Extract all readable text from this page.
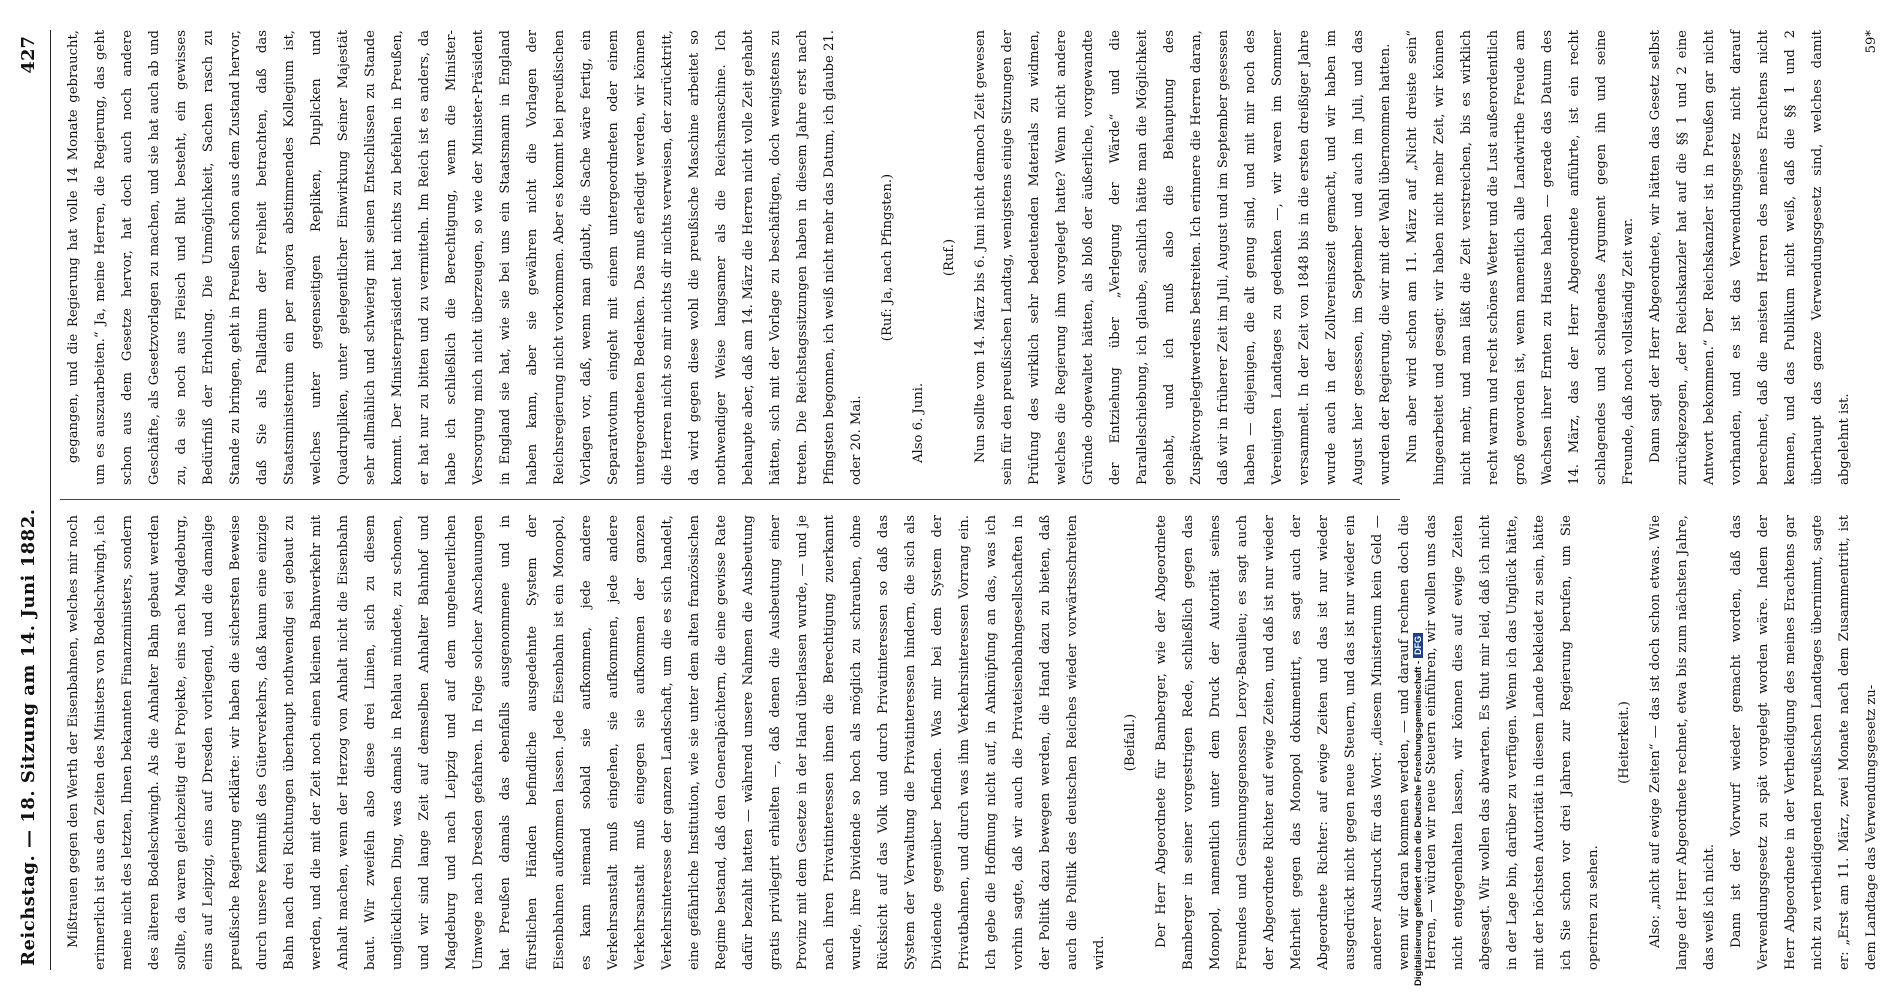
Reichstag. — 18. Sitzung am 14. Juni 1882.
427

Mißtrauen gegen den Werth der Eisenbahnen, welches mir noch erinnerlich ist aus den Zeiten des Ministers von Bodelschwingh, ich meine nicht des letzten, Ihnen bekannten Finanzministers, sondern des älteren Bodelschwingh. Als die Anhalter Bahn gebaut werden sollte, da waren gleichzeitig drei Projekte, eins nach Magdeburg, eins auf Leipzig, eins auf Dresden vorliegend, und die damalige preußische Regierung erklärte: wir haben die sichersten Beweise durch unsere Kenntniß des Güterverkehrs, daß kaum eine einzige Bahn nach drei Richtungen überhaupt nothwendig sei gebaut zu werden, und die mit der Zeit noch einen kleinen Bahnverkehr mit Anhalt machen, wenn der Herzog von Anhalt nicht die Eisenbahn baut. Wir zweifeln also diese drei Linien, sich zu diesem unglücklichen Ding, was damals in Rehlau mündete, zu schonen, und wir sind lange Zeit auf demselben Anhalter Bahnhof und Magdeburg und nach Leipzig und auf dem ungeheuerlichen Umwege nach Dresden gefahren. In Folge solcher Anschauungen hat Preußen damals das ebenfalls ausgenommene und in fürstlichen Händen befindliche ausgedehnte System der Eisenbahnen aufkommen lassen. Jede Eisenbahn ist ein Monopol, es kann niemand sobald sie aufkommen, jede andere Verkehrsanstalt muß eingehen, sie aufkommen, jede andere Verkehrsanstalt muß eingegen sie aufkommen der ganzen Verkehrsinteresse der ganzen Landschaft, um die es sich handelt, eine gefährliche Institution, wie sie unter dem alten französischen Regime bestand, daß den Generalpächtern, die eine gewisse Rate dafür bezahlt hatten — während unsere Nahmen die Ausbeutung gratis privilegirt erhielten —, daß denen die Ausbeutung einer Provinz mit dem Gesetze in der Hand überlassen wurde, — und je nach ihren Privatinteressen ihnen die Berechtigung zuerkannt wurde, ihre Dividende so hoch als möglich zu schrauben, ohne Rücksicht auf das Volk und durch Privatinteressen so daß das System der Verwaltung die Privatinteressen hindern, die sich als Dividende gegenüber befinden. Was mir bei dem System der Privatbahnen, und durch was ihm Verkehrsinteressen Vorrang ein. Ich gebe die Hoffnung nicht auf, in Anknüpfung an das, was ich vorhin sagte, daß wir auch die Privateisenbahngesellschaften in der Politik dazu bewegen werden, die Hand dazu zu bieten, daß auch die Politik des deutschen Reiches wieder vorwärtsschreiten wird.

(Beifall.)	Der Herr Abgeordnete für Bamberger, wie der Abgeordnete Bamberger in seiner vorgestrigen Rede, schließlich gegen das Monopol, namentlich unter dem Druck der Autorität seines Freundes und Gesinnungsgenossen Leroy-Beaulieu; es sagt auch der Abgeordnete Richter auf ewige Zeiten, und daß ist nur wieder Mehrheit gegen das Monopol dokumentirt, es sagt auch der Abgeordnete Richter: auf ewige Zeiten und das ist nur wieder ausgedrückt nicht gegen neue Steuern, und das ist nur wieder ein anderer Ausdruck für das Wort: „diesem Ministerium kein Geld — wenn wir daran kommen werden, — und darauf rechnen doch die Herren, — würden wir neue Steuern einführen, wir wollen uns das nicht entgegenhalten lassen, wir können dies auf ewige Zeiten abgesagt. Wir wollen das abwarten. Es thut mir leid, daß ich nicht in der Lage bin, darüber zu verfügen. Wenn ich das Unglück hätte, mit der höchsten Autorität in diesem Lande bekleidet zu sein, hätte ich Sie schon vor drei Jahren zur Regierung berufen, um Sie operiren zu sehen.

(Heiterkeit.)	Also: „nicht auf ewige Zeiten“ — das ist doch schon etwas. Wie lange der Herr Abgeordnete rechnet, etwa bis zum nächsten Jahre, das weiß ich nicht. Dann ist der Vorwurf wieder gemacht worden, daß das Verwendungsgesetz zu spät vorgelegt worden wäre. Indem der Herr Abgeordnete in der Vertheidigung des meines Erachtens gar nicht zu vertheidigenden preußischen Landtages übernimmt, sagte er: „Erst am 11. März, zwei Monate nach dem Zusammentritt, ist dem Landtage das Verwendungsgesetz zu-

gegangen, und die Regierung hat volle 14 Monate gebraucht, um es auszuarbeiten.“ Ja, meine Herren, die Regierung, das geht schon aus dem Gesetze hervor, hat doch auch noch andere Geschäfte, als Gesetzvorlagen zu machen, und sie hat auch ab und zu, da sie noch aus Fleisch und Blut besteht, ein gewisses Bedürfniß der Erholung. Die Unmöglichkeit, Sachen rasch zu Stande zu bringen, geht in Preußen schon aus dem Zustand hervor, daß Sie als Palladium der Freiheit betrachten, daß das Staatsministerium ein per majora abstimmendes Kollegium ist, welches unter gegenseitigen Repliken, Duplicken und Quadrupliken, unter gelegentlicher Einwirkung Seiner Majestät sehr allmählich und schwierig mit seinen Entschlüssen zu Stande kommt. Der Ministerpräsident hat nichts zu befehlen in Preußen, er hat nur zu bitten und zu vermitteln. Im Reich ist es anders, da habe ich schließlich die Berechtigung, wenn die Minister-Versorgung mich nicht überzeugen, so wie der Minister-Präsident in England sie hat, wie sie bei uns ein Staatsmann in England haben kann, aber sie gewähren nicht die Vorlagen der Reichsregierung nicht vorkommen. Aber es kommt bei preußischen Vorlagen vor, daß, wenn man glaubt, die Sache wäre fertig, ein Separatvotum eingeht mit einem untergeordneten oder einem untergeordneten Bedenken. Das muß erledigt werden, wir können die Herren nicht so mir nichts dir nichts verweisen, der zurücktritt, da wird gegen diese wohl die preußische Maschine arbeitet so nothwendiger Weise langsamer als die Reichsmaschine. Ich behaupte aber, daß am 14. März die Herren nicht volle Zeit gehabt hätten, sich mit der Vorlage zu beschäftigen, doch wenigstens zu treten. Die Reichstagssitzungen haben in diesem Jahre erst nach Pfingsten begonnen, ich weiß nicht mehr das Datum, ich glaube 21. oder 20. Mai.

(Ruf: Ja, nach Pfingsten.)

Also 6. Juni.

(Ruf.)	Nun sollte vom 14. März bis 6. Juni nicht dennoch Zeit gewesen sein für den preußischen Landtag, wenigstens einige Sitzungen der Prüfung des wirklich sehr bedeutenden Materials zu widmen, welches die Regierung ihm vorgelegt hatte? Wenn nicht andere Gründe obgewaltet hätten, als bloß der äußerliche, vorgewandte der Entziehung über „Verlegung der Wärde“ und die Parallelschiebung, ich glaube, sachlich hätte man die Möglichkeit gehabt, und ich muß also die Behauptung des Zuspätvorgelegtwerdens bestreiten. Ich erinnere die Herren daran, daß wir in früherer Zeit im Juli, August und im September gesessen haben — diejenigen, die alt genug sind, und mit mir noch des Vereinigten Landtages zu gedenken —, wir waren im Sommer versammelt. In der Zeit von 1848 bis in die ersten dreißiger Jahre wurde auch in der Zollvereinszeit gemacht, und wir haben im August hier gesessen, im September und auch im Juli, und das wurden der Regierung, die wir mit der Wahl übernommen hatten. Nun aber wird schon am 11. März auf „Nicht dreiste sein“ hingearbeitet und gesagt: wir haben nicht mehr Zeit, wir können nicht mehr, und man läßt die Zeit verstreichen, bis es wirklich recht warm und recht schönes Wetter und die Lust außerordentlich groß geworden ist, wenn namentlich alle Landwirthe Freude am Wachsen ihrer Ernten zu Hause haben — gerade das Datum des 14. März, das der Herr Abgeordnete anführte, ist ein recht schlagendes und schlagendes Argument gegen ihn und seine Freunde, daß noch vollständig Zeit war. Dann sagt der Herr Abgeordnete, wir hätten das Gesetz selbst zurückgezogen, „der Reichskanzler hat auf die §§ 1 und 2 eine Antwort bekommen.“ Der Reichskanzler ist in Preußen gar nicht vorhanden, und es ist das Verwendungsgesetz nicht darauf berechnet, daß die meisten Herren des meines Erachtens nicht kennen, und das Publikum nicht weiß, daß die §§ 1 und 2 überhaupt das ganze Verwendungsgesetz sind, welches damit abgelehnt ist.

59*

Digitalisierung gefördert durch die Deutsche Forschungsgemeinschaft -DFG
